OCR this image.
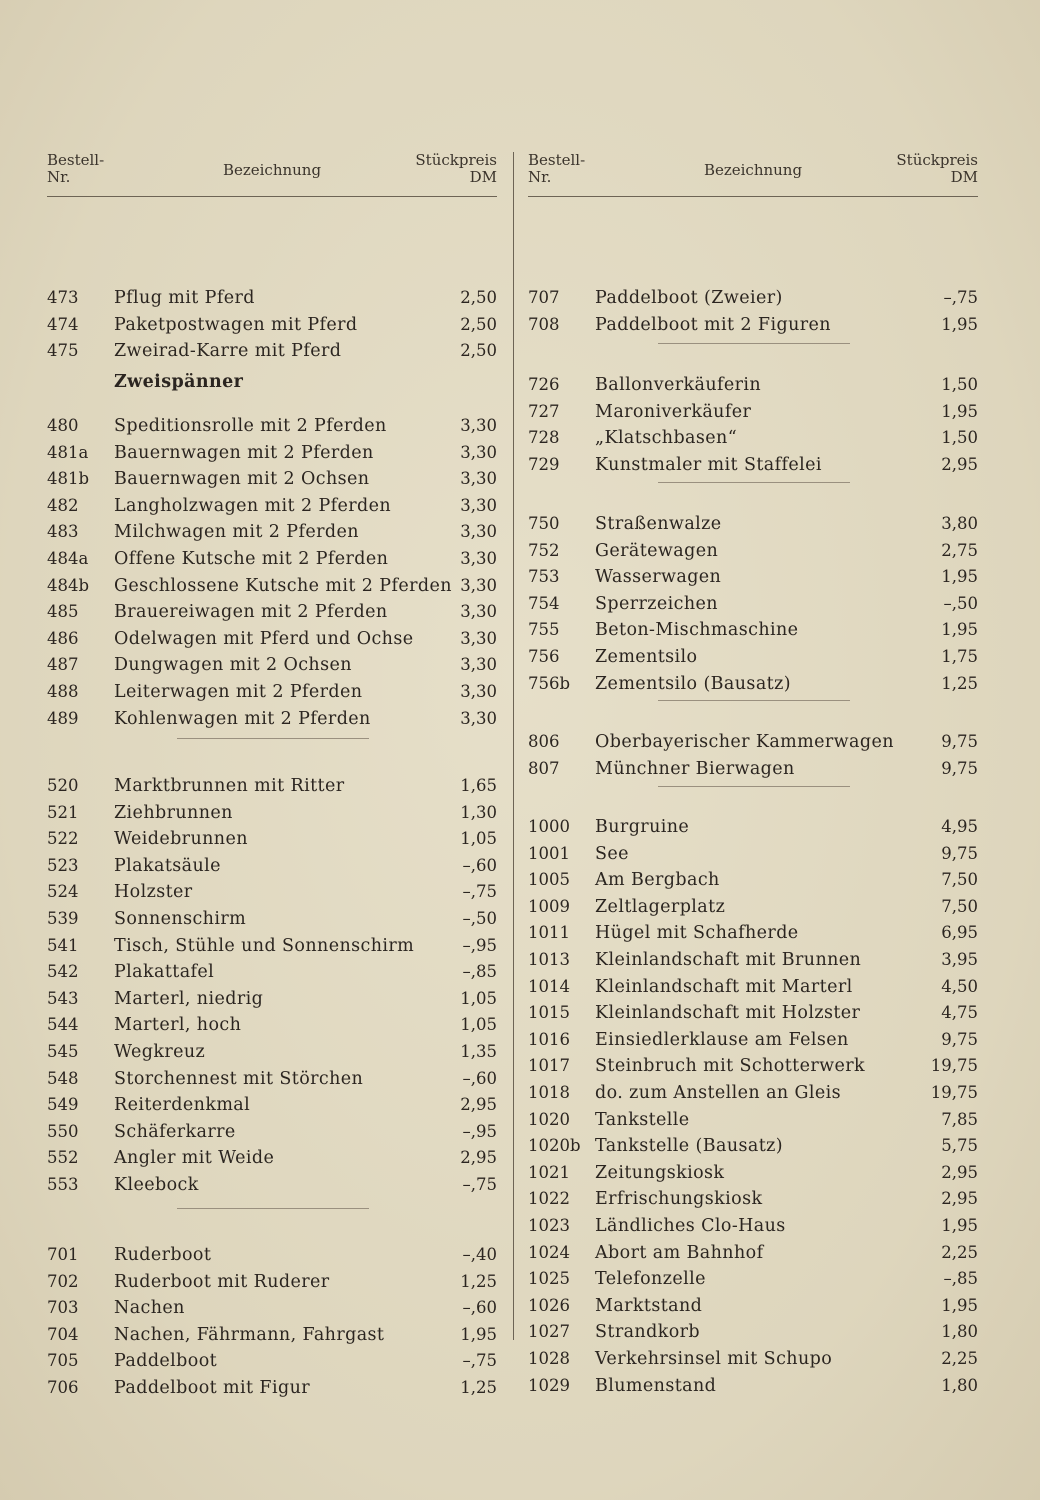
Bestell-
Nr.	Bezeichnung
Stückpreis
DM
473 Pflug mit Pferd	2,50
474 Paketpostwagen mit Pferd	2,50
475 Zweirad-Karre mit Pferd	2,50
480 Speditionsrolle mit 2 Pferden	3,30
481a Bauernwagen mit 2 Pferden	3,30
481b Bauernwagen mit 2 Ochsen	3,30
482 Langholzwagen mit 2 Pferden	3,30
483 Milchwagen mit 2 Pferden	3,30
484a Offene Kutsche mit 2 Pferden	3,30
484b Geschlossene Kutsche mit 2 Pferden 3,30
485 Brauereiwagen mit 2 Pferden	3,30
486 Odelwagen mit Pferd und Ochse	3,30
487 Dungwagen mit 2 Ochsen	3,30
488 Leiterwagen mit 2 Pferden	3,30
489 Kohlenwagen mit 2 Pferden	3,30
520 Marktbrunnen mit Ritter	1,65
521 Ziehbrunnen	1,30
522 Weidebrunnen	1,05
523 Plakatsäule	–,60
524 Holzster	–,75
539 Sonnenschirm	–,50
541 Tisch, Stühle und Sonnenschirm	–,95
542 Plakattafel	–,85
543 Marterl, niedrig	1,05
544 Marterl, hoch	1,05
545 Wegkreuz	1,35
548 Storchennest mit Störchen	–,60
549 Reiterdenkmal	2,95
550 Schäferkarre	–,95
552 Angler mit Weide	2,95
553 Kleebock	–,75
701 Ruderboot	–,40
702 Ruderboot mit Ruderer	1,25
703 Nachen	–,60
704 Nachen, Fährmann, Fahrgast	1,95
705 Paddelboot	–,75
706 Paddelboot mit Figur	1,25
Zweispänner
Bestell-
Nr.	Bezeichnung
Stückpreis
DM
707 Paddelboot (Zweier)	–,75
708 Paddelboot mit 2 Figuren	1,95
726 Ballonverkäuferin	1,50
727 Maroniverkäufer	1,95
728 „Klatschbasen“	1,50
729 Kunstmaler mit Staffelei	2,95
750 Straßenwalze	3,80
752 Gerätewagen	2,75
753 Wasserwagen	1,95
754 Sperrzeichen	–,50
755 Beton-Mischmaschine	1,95
756 Zementsilo	1,75
756b Zementsilo (Bausatz)	1,25
806 Oberbayerischer Kammerwagen	9,75
807 Münchner Bierwagen	9,75
1000 Burgruine	4,95
1001 See	9,75
1005 Am Bergbach	7,50
1009 Zeltlagerplatz	7,50
1011 Hügel mit Schafherde	6,95
1013 Kleinlandschaft mit Brunnen	3,95
1014 Kleinlandschaft mit Marterl	4,50
1015 Kleinlandschaft mit Holzster	4,75
1016 Einsiedlerklause am Felsen	9,75
1017 Steinbruch mit Schotterwerk	19,75
1018 do. zum Anstellen an Gleis	19,75
1020 Tankstelle	7,85
1020b Tankstelle (Bausatz)	5,75
1021 Zeitungskiosk	2,95
1022 Erfrischungskiosk	2,95
1023 Ländliches Clo-Haus	1,95
1024 Abort am Bahnhof	2,25
1025 Telefonzelle	–,85
1026 Marktstand	1,95
1027 Strandkorb	1,80
1028 Verkehrsinsel mit Schupo	2,25
1029 Blumenstand	1,80
